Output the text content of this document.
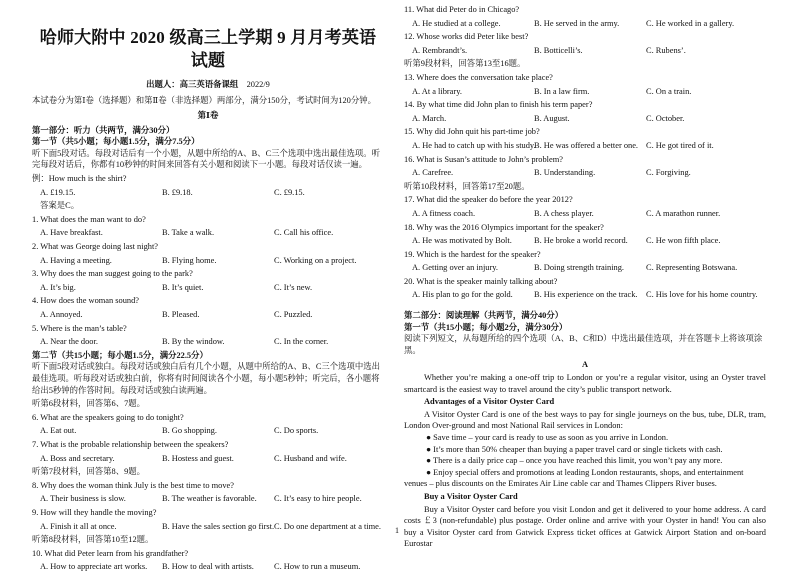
哈师大附中 2020 级高三上学期 9 月月考英语试题
出题人：高三英语备课组 2022/9
本试卷分为第Ⅰ卷（选择题）和第Ⅱ卷（非选择题）两部分，满分150分，考试时间为120分钟。
第Ⅰ卷
第一部分：听力（共两节，满分30分）
第一节（共5小题；每小题1.5分，满分7.5分）
听下面5段对话。每段对话后有一个小题，从题中所给的A、B、C三个选项中选出最佳选项。听完每段对话后，你都有10秒钟的时间来回答有关小题和阅读下一小题。每段对话仅读一遍。
例：How much is the shirt?
A. £19.15.	B. £9.18.	C. £9.15.
答案是C。
1. What does the man want to do?
A. Have breakfast.	B. Take a walk.	C. Call his office.
2. What was George doing last night?
A. Having a meeting.	B. Flying home.	C. Working on a project.
3. Why does the man suggest going to the park?
A. It’s big.	B. It’s quiet.	C. It’s new.
4. How does the woman sound?
A. Annoyed.	B. Pleased.	C. Puzzled.
5. Where is the man’s table?
A. Near the door.	B. By the window.	C. In the corner.
第二节（共15小题；每小题1.5分，满分22.5分）
听下面5段对话或独白。每段对话或独白后有几个小题，从题中所给的A、B、C三个选项中选出最佳选项。听每段对话或独白前，你将有时间阅读各个小题，每小题5秒钟；听完后，各小题将给出5秒钟的作答时间。每段对话或独白读两遍。
听第6段材料，回答第6、7题。
6. What are the speakers going to do tonight?
A. Eat out.	B. Go shopping.	C. Do sports.
7. What is the probable relationship between the speakers?
A. Boss and secretary.	B. Hostess and guest.	C. Husband and wife.
听第7段材料，回答第8、9题。
8. Why does the woman think July is the best time to move?
A. Their business is slow.	B. The weather is favorable.	C. It’s easy to hire people.
9. How will they handle the moving?
A. Finish it all at once.	B. Have the sales section go first. C. Do one department at a time.
听第8段材料，回答第10至12题。
10. What did Peter learn from his grandfather?
A. How to appreciate art works.	B. How to deal with artists.	C. How to run a museum.
11. What did Peter do in Chicago?
A. He studied at a college.	B. He served in the army.	C. He worked in a gallery.
12. Whose works did Peter like best?
A. Rembrandt’s.	B. Botticelli’s.	C. Rubens’.
听第9段材料，回答第13至16题。
13. Where does the conversation take place?
A. At a library.	B. In a law firm.	C. On a train.
14. By what time did John plan to finish his term paper?
A. March.	B. August.	C. October.
15. Why did John quit his part-time job?
A. He had to catch up with his study.
B. He was offered a better one. C. He got tired of it.
16. What is Susan’s attitude to John’s problem?
A. Carefree.	B. Understanding.	C. Forgiving.
听第10段材料，回答第17至20题。
17. What did the speaker do before the year 2012?
A. A fitness coach.	B. A chess player.	C. A marathon runner.
18. Why was the 2016 Olympics important for the speaker?
A. He was motivated by Bolt.	B. He broke a world record.	C. He won fifth place.
19. Which is the hardest for the speaker?
A. Getting over an injury.	B. Doing strength training.	C. Representing Botswana.
20. What is the speaker mainly talking about?
A. His plan to go for the gold.	B. His experience on the track.	C. His love for his home country.
第二部分：阅读理解（共两节，满分40分）
第一节（共15小题；每小题2分，满分30分）
阅读下列短文，从每题所给的四个选项（A、B、C和D）中选出最佳选项，并在答题卡上将该项涂黑。
A
Whether you’re making a one-off trip to London or you’re a regular visitor, using an Oyster travel smartcard is the easiest way to travel around the city’s public transport network.
Advantages of a Visitor Oyster Card
A Visitor Oyster Card is one of the best ways to pay for single journeys on the bus, tube, DLR, tram, London Over-ground and most National Rail services in London:
● Save time – your card is ready to use as soon as you arrive in London.
● It’s more than 50% cheaper than buying a paper travel card or single tickets with cash.
● There is a daily price cap – once you have reached this limit, you won’t pay any more.
● Enjoy special offers and promotions at leading London restaurants, shops, and entertainment venues – plus discounts on the Emirates Air Line cable car and Thames Clippers River buses.
Buy a Visitor Oyster Card
Buy a Visitor Oyster card before you visit London and get it delivered to your home address. A card costs ￡3 (non-refundable) plus postage. Order online and arrive with your Oyster in hand! You can also buy a Visitor Oyster card from Gatwick Express ticket offices at Gatwick Airport Station and on-board Eurostar
1
